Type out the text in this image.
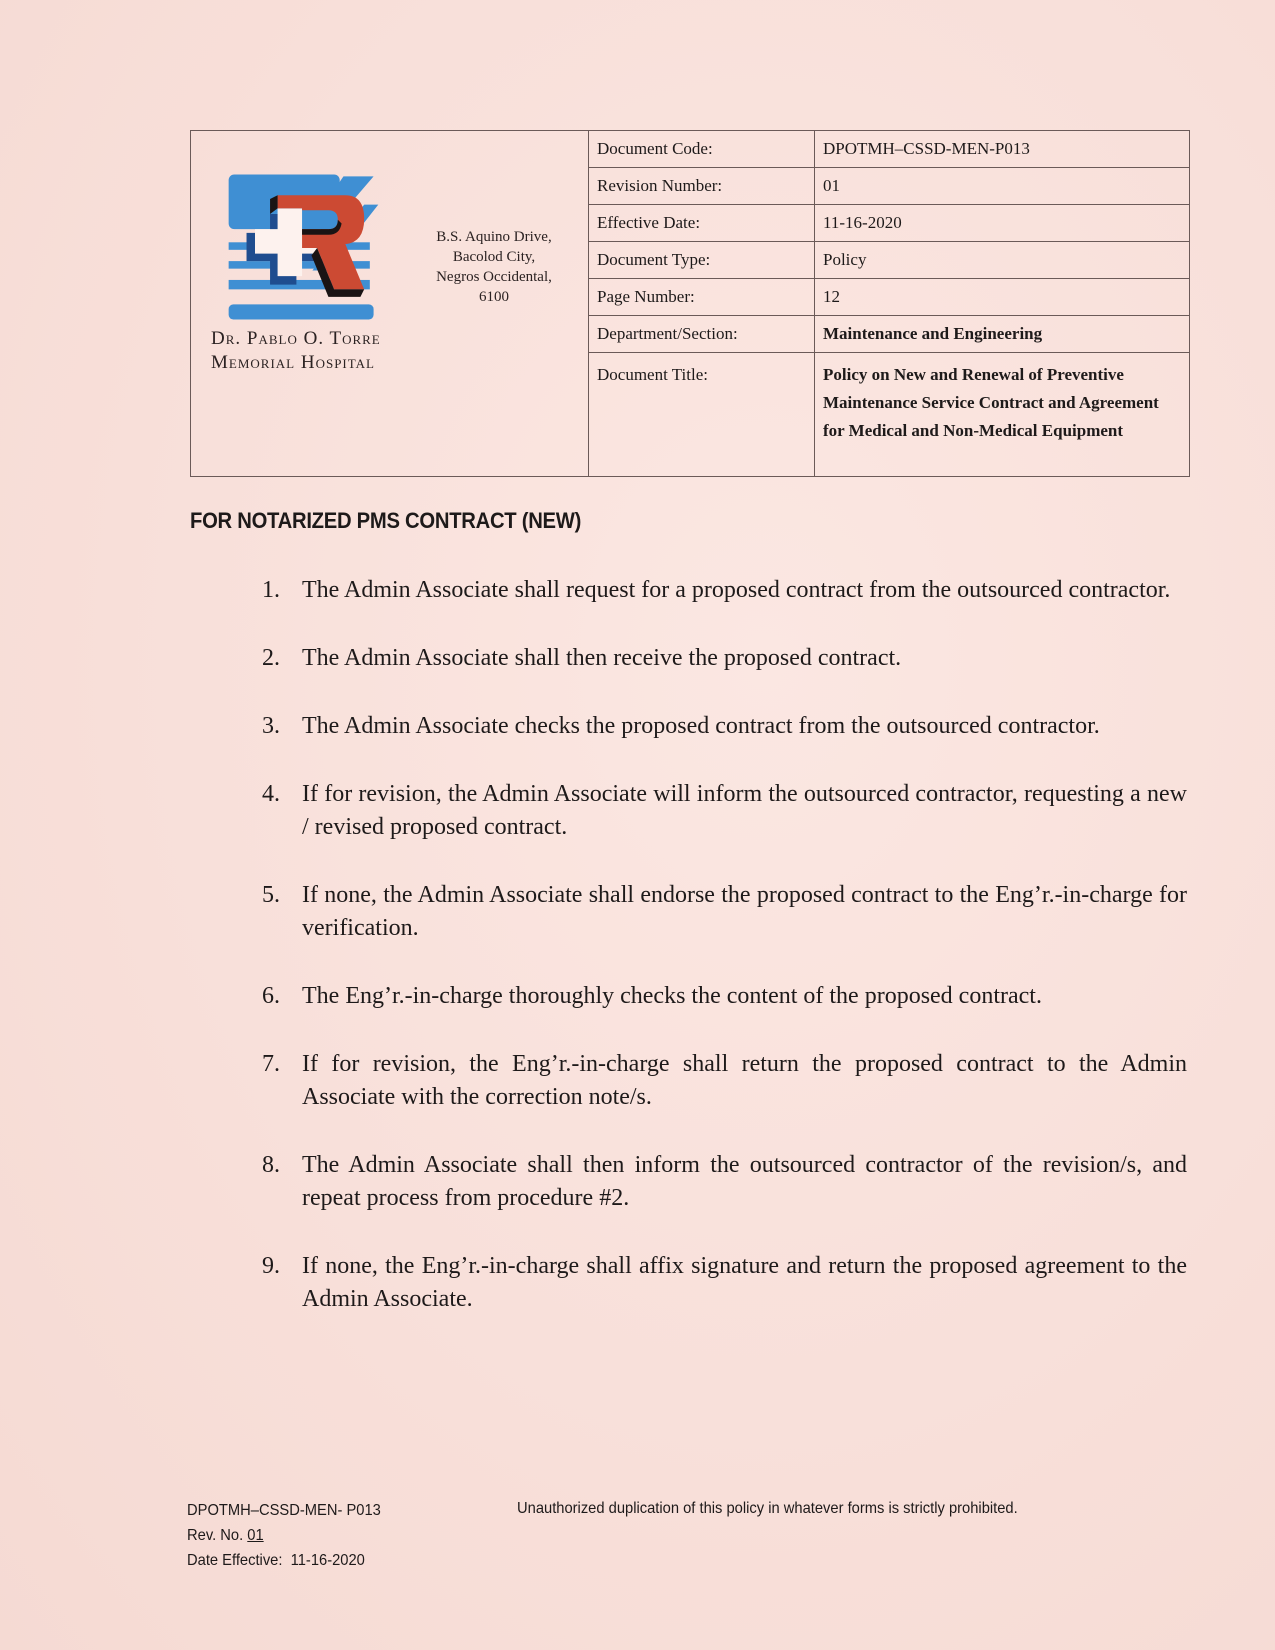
Dr. Pablo O. Torre
Memorial Hospital
B.S. Aquino Drive,
Bacolod City,
Negros Occidental,
6100
	Document Code:	DPOTMH–CSSD-MEN-P013
	Revision Number:	01
	Effective Date:	11-16-2020
	Document Type:	Policy
	Page Number:	12
	Department/Section:	Maintenance and Engineering
	Document Title:	Policy on New and Renewal of Preventive Maintenance Service Contract and Agreement for Medical and Non-Medical Equipment
FOR NOTARIZED PMS CONTRACT (NEW)
1. The Admin Associate shall request for a proposed contract from the outsourced contractor.
2. The Admin Associate shall then receive the proposed contract.
3. The Admin Associate checks the proposed contract from the outsourced contractor.
4. If for revision, the Admin Associate will inform the outsourced contractor, requesting a new / revised proposed contract.
5. If none, the Admin Associate shall endorse the proposed contract to the Eng’r.-in-charge for verification.
6. The Eng’r.-in-charge thoroughly checks the content of the proposed contract.
7. If for revision, the Eng’r.-in-charge shall return the proposed contract to the Admin Associate with the correction note/s.
8. The Admin Associate shall then inform the outsourced contractor of the revision/s, and repeat process from procedure #2.
9. If none, the Eng’r.-in-charge shall affix signature and return the proposed agreement to the Admin Associate.
DPOTMH–CSSD-MEN- P013
Rev. No. 01
Date Effective: 11-16-2020
Unauthorized duplication of this policy in whatever forms is strictly prohibited.
